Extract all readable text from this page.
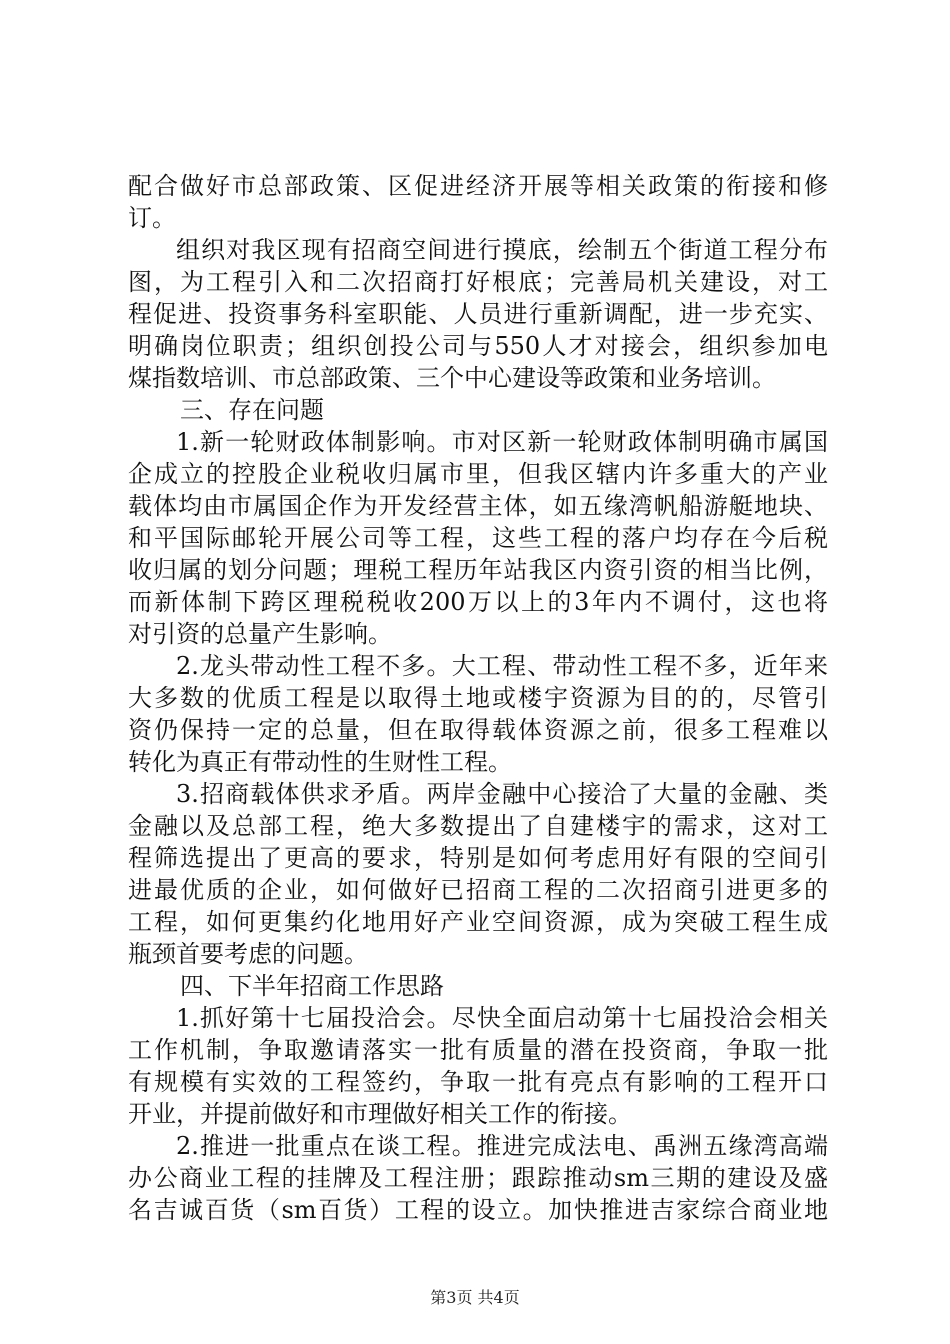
配合做好市总部政策、区促进经济开展等相关政策的衔接和修
订。
组织对我区现有招商空间进行摸底，绘制五个街道工程分布
图，为工程引入和二次招商打好根底；完善局机关建设，对工
程促进、投资事务科室职能、人员进行重新调配，进一步充实、
明确岗位职责；组织创投公司与550人才对接会，组织参加电
煤指数培训、市总部政策、三个中心建设等政策和业务培训。
三、存在问题
1.新一轮财政体制影响。市对区新一轮财政体制明确市属国
企成立的控股企业税收归属市里，但我区辖内许多重大的产业
载体均由市属国企作为开发经营主体，如五缘湾帆船游艇地块、
和平国际邮轮开展公司等工程，这些工程的落户均存在今后税
收归属的划分问题；理税工程历年站我区内资引资的相当比例，
而新体制下跨区理税税收200万以上的3年内不调付，这也将
对引资的总量产生影响。
2.龙头带动性工程不多。大工程、带动性工程不多，近年来
大多数的优质工程是以取得土地或楼宇资源为目的的，尽管引
资仍保持一定的总量，但在取得载体资源之前，很多工程难以
转化为真正有带动性的生财性工程。
3.招商载体供求矛盾。两岸金融中心接洽了大量的金融、类
金融以及总部工程，绝大多数提出了自建楼宇的需求，这对工
程筛选提出了更高的要求，特别是如何考虑用好有限的空间引
进最优质的企业，如何做好已招商工程的二次招商引进更多的
工程，如何更集约化地用好产业空间资源，成为突破工程生成
瓶颈首要考虑的问题。
四、下半年招商工作思路
1.抓好第十七届投洽会。尽快全面启动第十七届投洽会相关
工作机制，争取邀请落实一批有质量的潜在投资商，争取一批
有规模有实效的工程签约，争取一批有亮点有影响的工程开口
开业，并提前做好和市理做好相关工作的衔接。
2.推进一批重点在谈工程。推进完成法电、禹洲五缘湾高端
办公商业工程的挂牌及工程注册；跟踪推动sm三期的建设及盛
名吉诚百货（sm百货）工程的设立。加快推进吉家综合商业地
第3页 共4页
